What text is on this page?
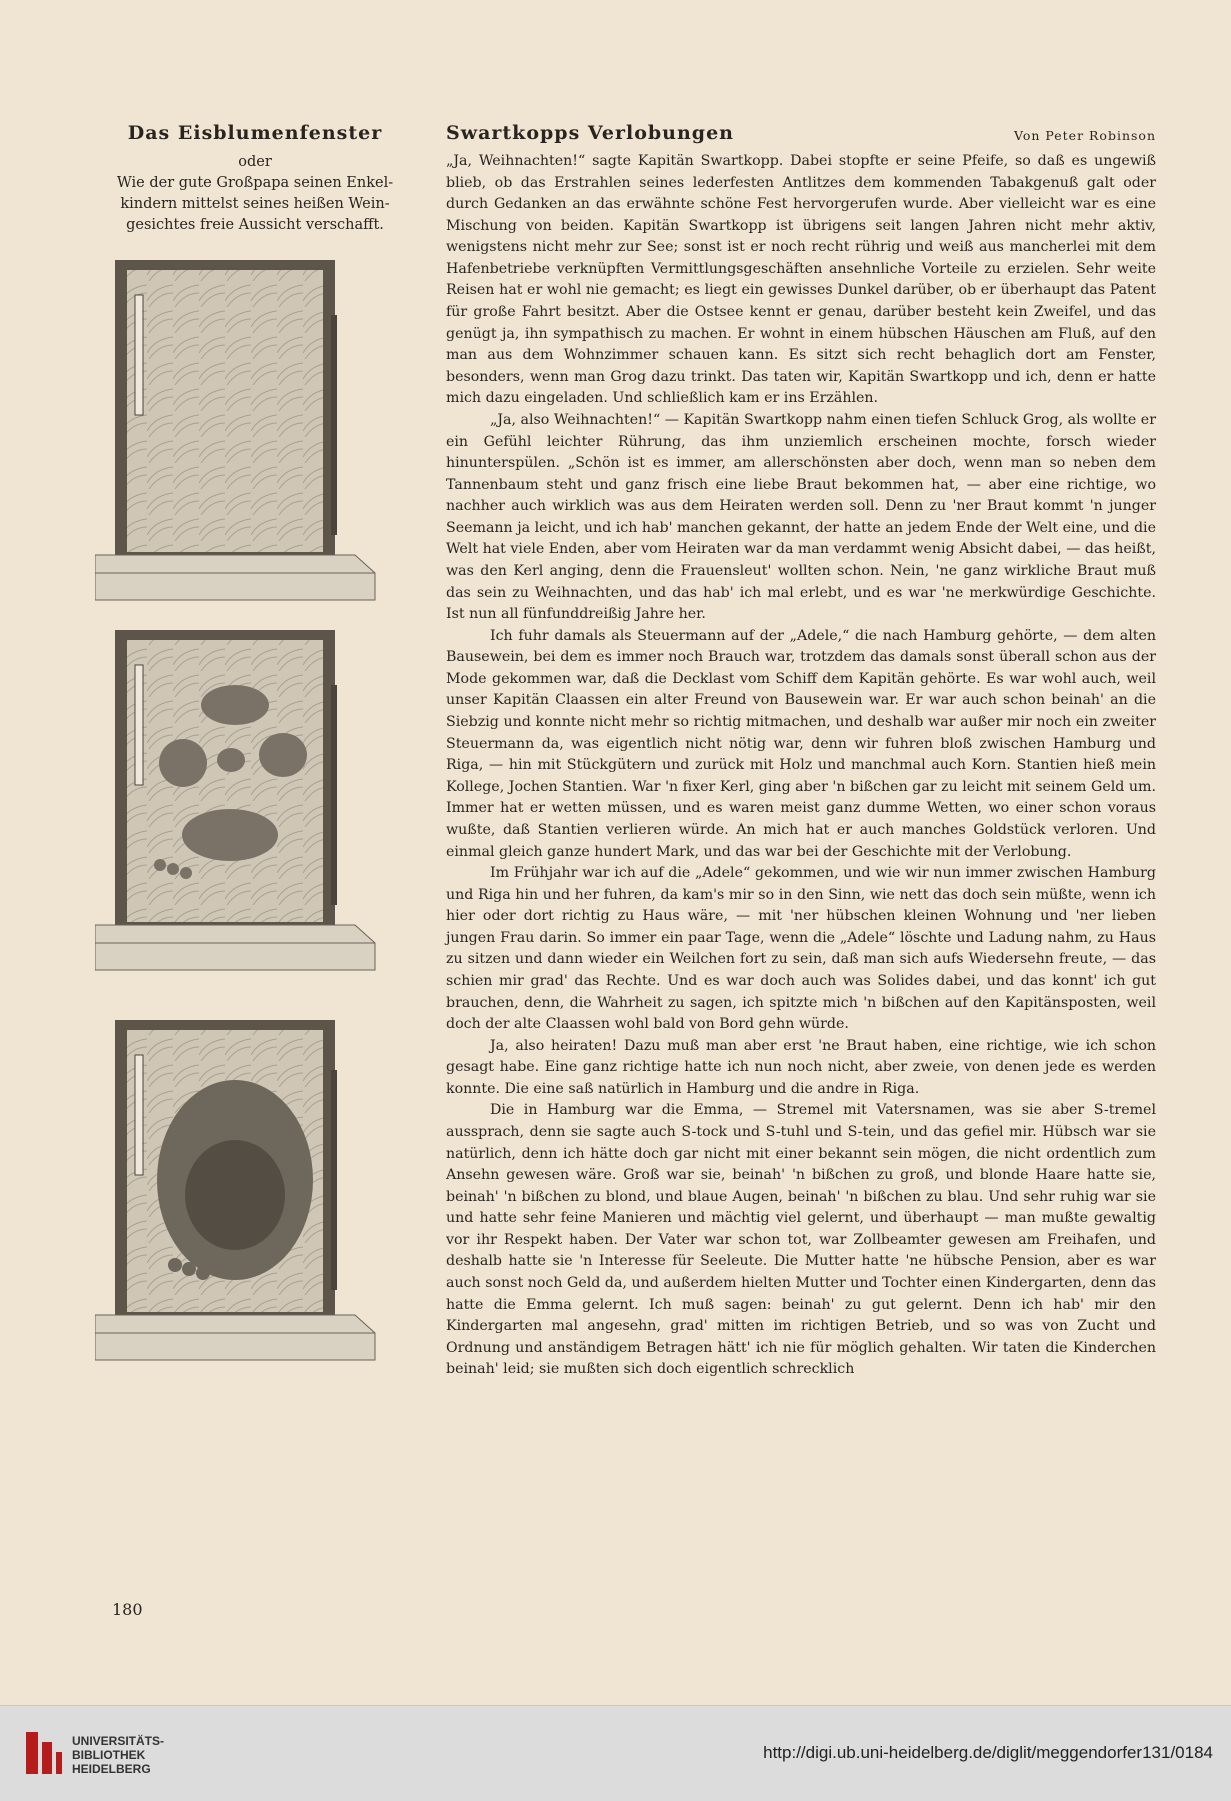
Das Eisblumenfenster
oder
Wie der gute Großpapa seinen Enkel-
kindern mittelst seines heißen Wein-
gesichtes freie Aussicht verschafft.
Swartkopps Verlobungen	Von Peter Robinson

„Ja, Weihnachten!“ sagte Kapitän Swartkopp. Dabei stopfte er seine Pfeife, so daß es ungewiß blieb, ob das Erstrahlen seines lederfesten Antlitzes dem kommenden Tabakgenuß galt oder durch Gedanken an das erwähnte schöne Fest hervorgerufen wurde. Aber vielleicht war es eine Mischung von beiden. Kapitän Swartkopp ist übrigens seit langen Jahren nicht mehr aktiv, wenigstens nicht mehr zur See; sonst ist er noch recht rührig und weiß aus mancherlei mit dem Hafenbetriebe verknüpften Vermittlungsgeschäften ansehnliche Vorteile zu erzielen. Sehr weite Reisen hat er wohl nie gemacht; es liegt ein gewisses Dunkel darüber, ob er überhaupt das Patent für große Fahrt besitzt. Aber die Ostsee kennt er genau, darüber besteht kein Zweifel, und das genügt ja, ihn sympathisch zu machen. Er wohnt in einem hübschen Häuschen am Fluß, auf den man aus dem Wohnzimmer schauen kann. Es sitzt sich recht behaglich dort am Fenster, besonders, wenn man Grog dazu trinkt. Das taten wir, Kapitän Swartkopp und ich, denn er hatte mich dazu eingeladen. Und schließlich kam er ins Erzählen.

„Ja, also Weihnachten!“ — Kapitän Swartkopp nahm einen tiefen Schluck Grog, als wollte er ein Gefühl leichter Rührung, das ihm unziemlich erscheinen mochte, forsch wieder hinunterspülen. „Schön ist es immer, am allerschönsten aber doch, wenn man so neben dem Tannenbaum steht und ganz frisch eine liebe Braut bekommen hat, — aber eine richtige, wo nachher auch wirklich was aus dem Heiraten werden soll. Denn zu 'ner Braut kommt 'n junger Seemann ja leicht, und ich hab' manchen gekannt, der hatte an jedem Ende der Welt eine, und die Welt hat viele Enden, aber vom Heiraten war da man verdammt wenig Absicht dabei, — das heißt, was den Kerl anging, denn die Frauensleut' wollten schon. Nein, 'ne ganz wirkliche Braut muß das sein zu Weihnachten, und das hab' ich mal erlebt, und es war 'ne merkwürdige Geschichte. Ist nun all fünfunddreißig Jahre her.

Ich fuhr damals als Steuermann auf der „Adele,“ die nach Hamburg gehörte, — dem alten Bausewein, bei dem es immer noch Brauch war, trotzdem das damals sonst überall schon aus der Mode gekommen war, daß die Decklast vom Schiff dem Kapitän gehörte. Es war wohl auch, weil unser Kapitän Claassen ein alter Freund von Bausewein war. Er war auch schon beinah' an die Siebzig und konnte nicht mehr so richtig mitmachen, und deshalb war außer mir noch ein zweiter Steuermann da, was eigentlich nicht nötig war, denn wir fuhren bloß zwischen Hamburg und Riga, — hin mit Stückgütern und zurück mit Holz und manchmal auch Korn. Stantien hieß mein Kollege, Jochen Stantien. War 'n fixer Kerl, ging aber 'n bißchen gar zu leicht mit seinem Geld um. Immer hat er wetten müssen, und es waren meist ganz dumme Wetten, wo einer schon voraus wußte, daß Stantien verlieren würde. An mich hat er auch manches Goldstück verloren. Und einmal gleich ganze hundert Mark, und das war bei der Geschichte mit der Verlobung.

Im Frühjahr war ich auf die „Adele“ gekommen, und wie wir nun immer zwischen Hamburg und Riga hin und her fuhren, da kam's mir so in den Sinn, wie nett das doch sein müßte, wenn ich hier oder dort richtig zu Haus wäre, — mit 'ner hübschen kleinen Wohnung und 'ner lieben jungen Frau darin. So immer ein paar Tage, wenn die „Adele“ löschte und Ladung nahm, zu Haus zu sitzen und dann wieder ein Weilchen fort zu sein, daß man sich aufs Wiedersehn freute, — das schien mir grad' das Rechte. Und es war doch auch was Solides dabei, und das konnt' ich gut brauchen, denn, die Wahrheit zu sagen, ich spitzte mich 'n bißchen auf den Kapitänsposten, weil doch der alte Claassen wohl bald von Bord gehn würde.

Ja, also heiraten! Dazu muß man aber erst 'ne Braut haben, eine richtige, wie ich schon gesagt habe. Eine ganz richtige hatte ich nun noch nicht, aber zweie, von denen jede es werden konnte. Die eine saß natürlich in Hamburg und die andre in Riga.

Die in Hamburg war die Emma, — Stremel mit Vatersnamen, was sie aber S-tremel aussprach, denn sie sagte auch S-tock und S-tuhl und S-tein, und das gefiel mir. Hübsch war sie natürlich, denn ich hätte doch gar nicht mit einer bekannt sein mögen, die nicht ordentlich zum Ansehn gewesen wäre. Groß war sie, beinah' 'n bißchen zu groß, und blonde Haare hatte sie, beinah' 'n bißchen zu blond, und blaue Augen, beinah' 'n bißchen zu blau. Und sehr ruhig war sie und hatte sehr feine Manieren und mächtig viel gelernt, und überhaupt — man mußte gewaltig vor ihr Respekt haben. Der Vater war schon tot, war Zollbeamter gewesen am Freihafen, und deshalb hatte sie 'n Interesse für Seeleute. Die Mutter hatte 'ne hübsche Pension, aber es war auch sonst noch Geld da, und außerdem hielten Mutter und Tochter einen Kindergarten, denn das hatte die Emma gelernt. Ich muß sagen: beinah' zu gut gelernt. Denn ich hab' mir den Kindergarten mal angesehn, grad' mitten im richtigen Betrieb, und so was von Zucht und Ordnung und anständigem Betragen hätt' ich nie für möglich gehalten. Wir taten die Kinderchen beinah' leid; sie mußten sich doch eigentlich schrecklich

180
UNIVERSITÄTS-
BIBLIOTHEK
HEIDELBERG
http://digi.ub.uni-heidelberg.de/diglit/meggendorfer131/0184
